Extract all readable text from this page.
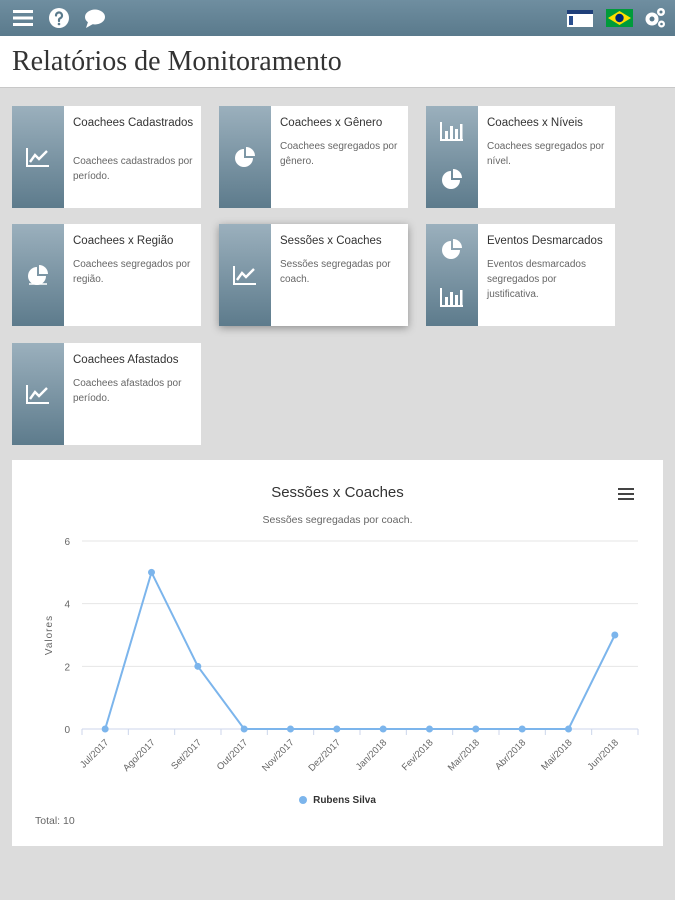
Relatórios de Monitoramento
Coachees Cadastrados
Coachees cadastrados por período.
Coachees x Gênero
Coachees segregados por gênero.
Coachees x Níveis
Coachees segregados por nível.
Coachees x Região
Coachees segregados por região.
Sessões x Coaches
Sessões segregadas por coach.
Eventos Desmarcados
Eventos desmarcados segregados por justificativa.
Coachees Afastados
Coachees afastados por período.
0
2
4
6
Jul/2017 Ago/2017 Set/2017 Out/2017 Nov/2017 Dez/2017 Jan/2018 Fev/2018 Mar/2018 Abr/2018 Mai/2018 Jun/2018
Valores
Sessões x Coaches
Sessões segregadas por coach.
Rubens Silva
Total: 10
